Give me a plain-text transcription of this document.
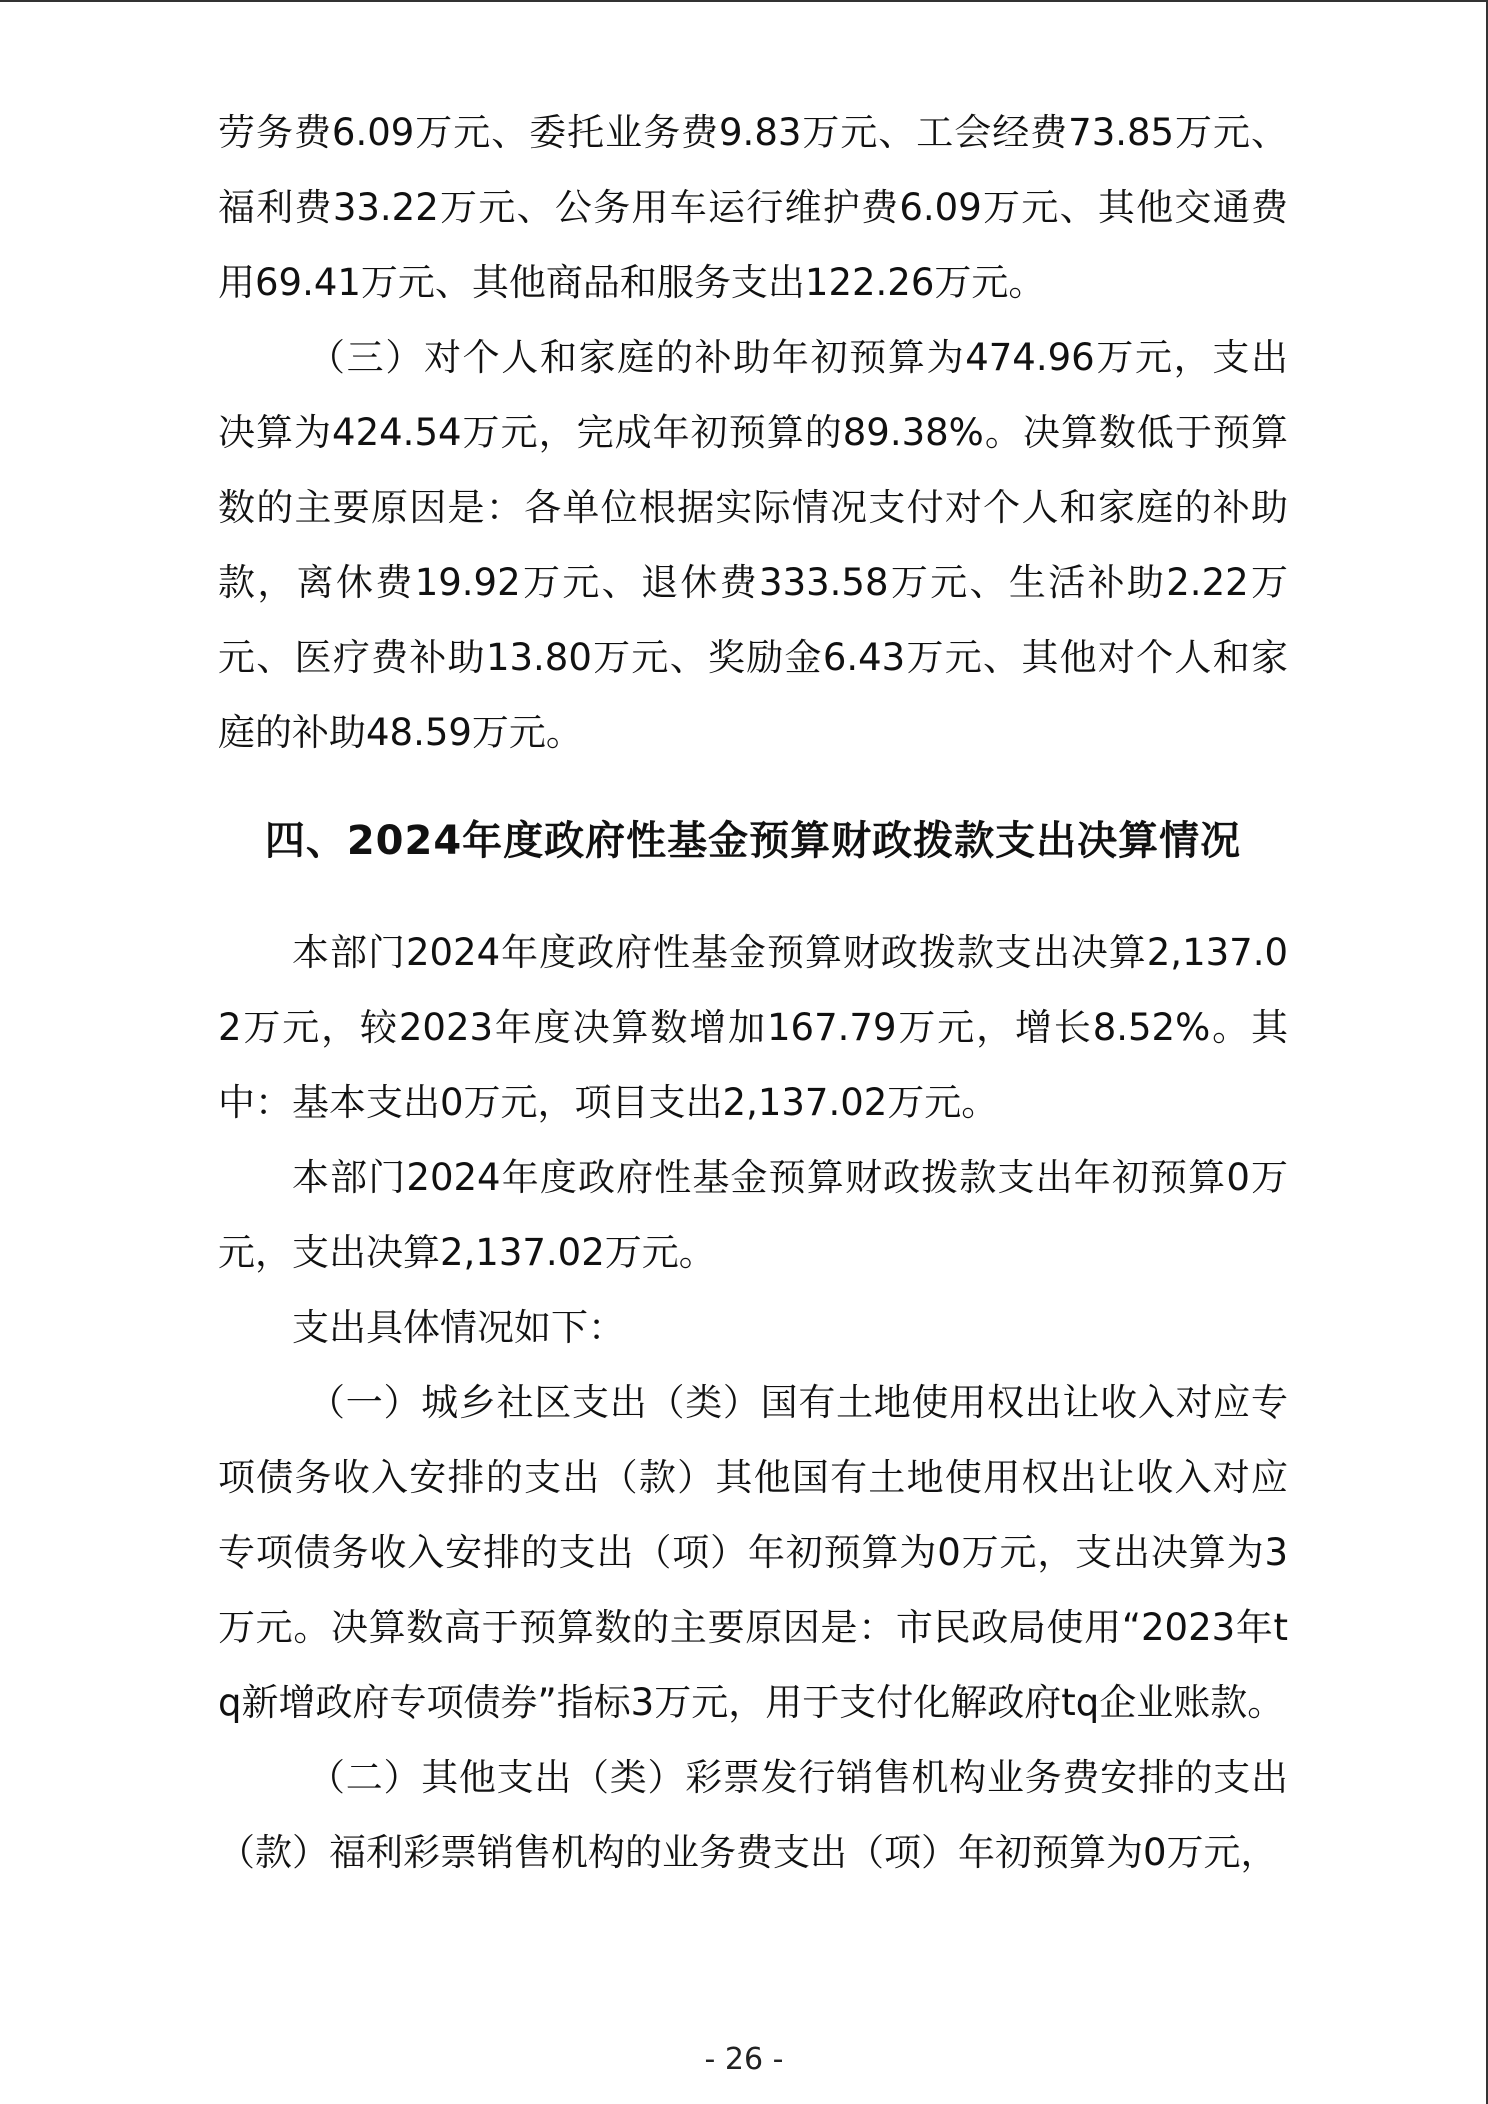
劳务费6.09万元、委托业务费9.83万元、工会经费73.85万元、福利费33.22万元、公务用车运行维护费6.09万元、其他交通费用69.41万元、其他商品和服务支出122.26万元。

（三）对个人和家庭的补助年初预算为474.96万元，支出决算为424.54万元，完成年初预算的89.38%。决算数低于预算数的主要原因是：各单位根据实际情况支付对个人和家庭的补助款，离休费19.92万元、退休费333.58万元、生活补助2.22万元、医疗费补助13.80万元、奖励金6.43万元、其他对个人和家庭的补助48.59万元。

四、2024年度政府性基金预算财政拨款支出决算情况

本部门2024年度政府性基金预算财政拨款支出决算2,137.02万元，较2023年度决算数增加167.79万元，增长8.52%。其中：基本支出0万元，项目支出2,137.02万元。

本部门2024年度政府性基金预算财政拨款支出年初预算0万元，支出决算2,137.02万元。

支出具体情况如下：

（一）城乡社区支出（类）国有土地使用权出让收入对应专项债务收入安排的支出（款）其他国有土地使用权出让收入对应专项债务收入安排的支出（项）年初预算为0万元，支出决算为3万元。决算数高于预算数的主要原因是：市民政局使用“2023年tq新增政府专项债券”指标3万元，用于支付化解政府tq企业账款。

（二）其他支出（类）彩票发行销售机构业务费安排的支出（款）福利彩票销售机构的业务费支出（项）年初预算为0万元，

- 26 -
